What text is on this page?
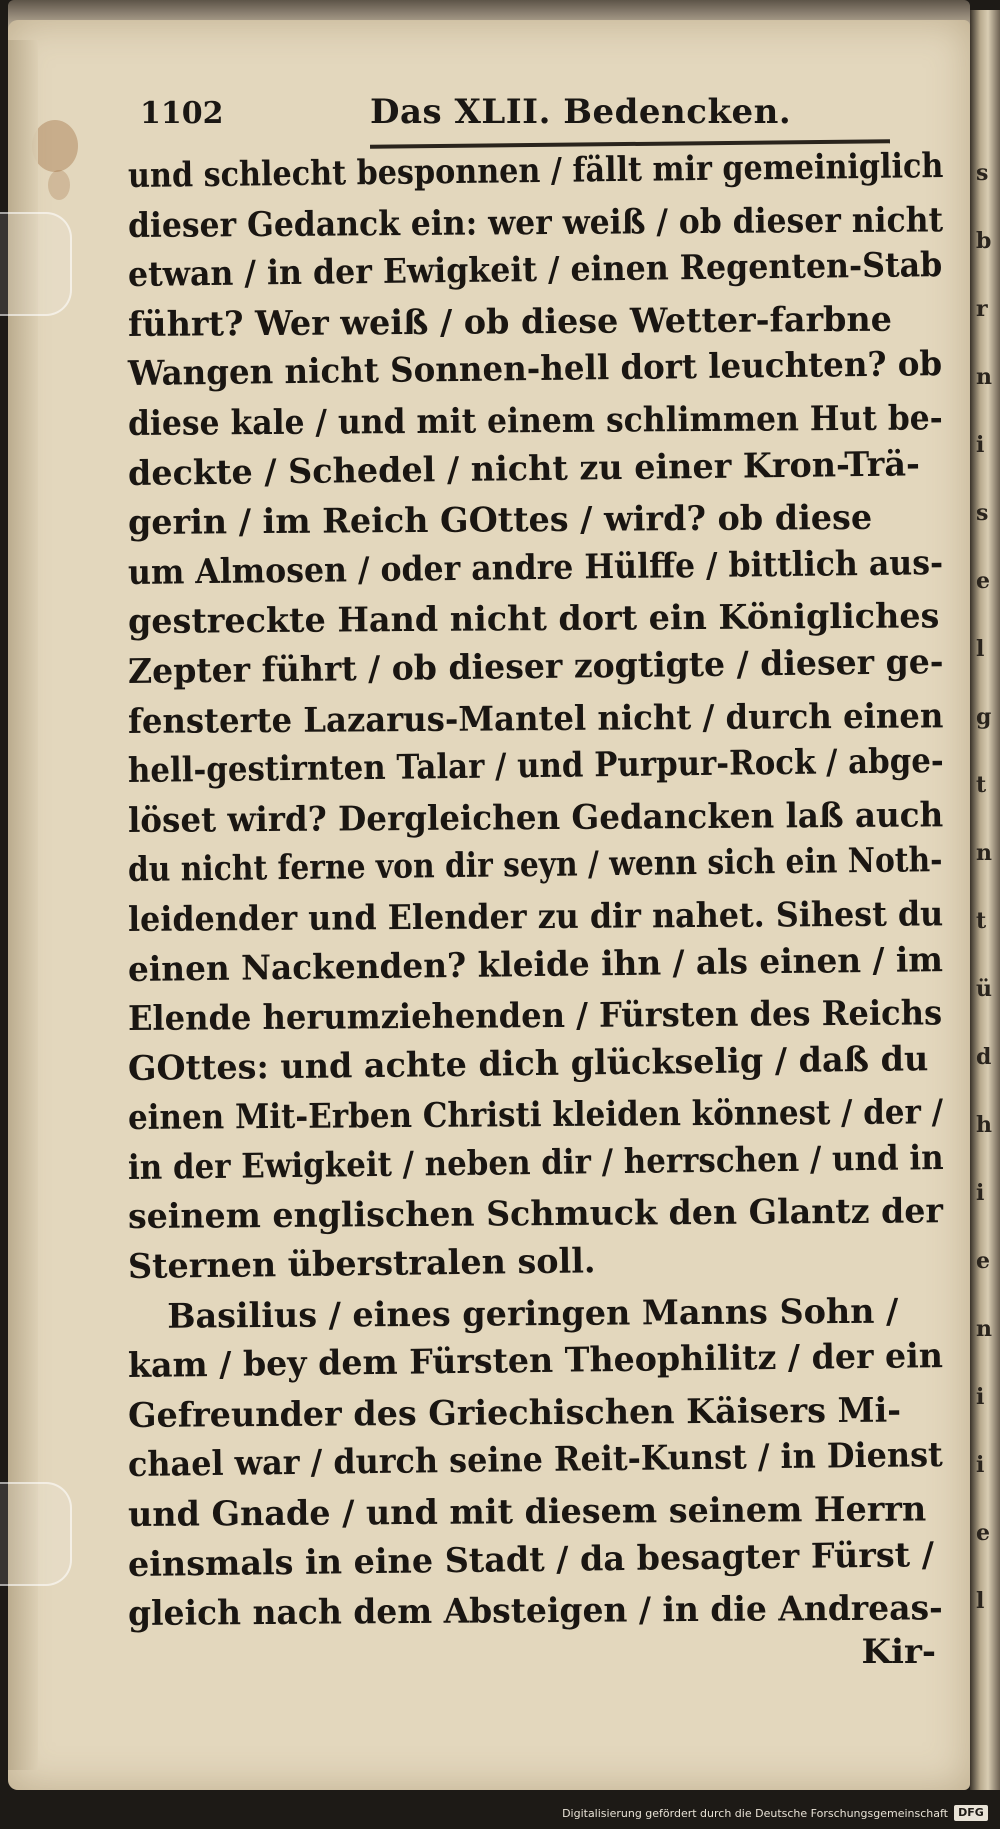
s
b
r
n
i
s
e
l
g
t
n
t
ü
d
h
i
e
n
i
i
e
l
1102	Das XLII. Bedencken.
und schlecht besponnen / fällt mir gemeiniglich
dieser Gedanck ein: wer weiß / ob dieser nicht
etwan / in der Ewigkeit / einen Regenten-Stab
führt? Wer weiß / ob diese Wetter-farbne
Wangen nicht Sonnen-hell dort leuchten? ob
diese kale / und mit einem schlimmen Hut be-
deckte / Schedel / nicht zu einer Kron-Trä-
gerin / im Reich GOttes / wird? ob diese
um Almosen / oder andre Hülffe / bittlich aus-
gestreckte Hand nicht dort ein Königliches
Zepter führt / ob dieser zogtigte / dieser ge-
fensterte Lazarus-Mantel nicht / durch einen
hell-gestirnten Talar / und Purpur-Rock / abge-
löset wird? Dergleichen Gedancken laß auch
du nicht ferne von dir seyn / wenn sich ein Noth-
leidender und Elender zu dir nahet. Sihest du
einen Nackenden? kleide ihn / als einen / im
Elende herumziehenden / Fürsten des Reichs
GOttes: und achte dich glückselig / daß du
einen Mit-Erben Christi kleiden könnest / der /
in der Ewigkeit / neben dir / herrschen / und in
seinem englischen Schmuck den Glantz der
Sternen überstralen soll.
Basilius / eines geringen Manns Sohn /
kam / bey dem Fürsten Theophilitz / der ein
Gefreunder des Griechischen Käisers Mi-
chael war / durch seine Reit-Kunst / in Dienst
und Gnade / und mit diesem seinem Herrn
einsmals in eine Stadt / da besagter Fürst /
gleich nach dem Absteigen / in die Andreas-
Kir-
Digitalisierung gefördert durch die Deutsche Forschungsgemeinschaft DFG
